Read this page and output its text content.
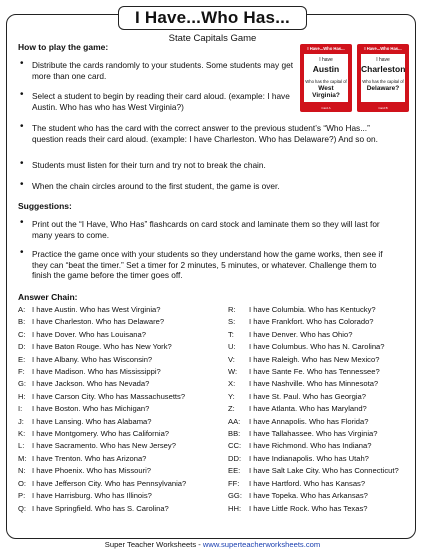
I Have...Who Has...
State Capitals Game
How to play the game:
• Distribute the cards randomly to your students. Some students may get more than one card.
• Select a student to begin by reading their card aloud. (example: I have Austin. Who has who has West Virginia?)
• The student who has the card with the correct answer to the previous student’s “Who Has...” question reads their card aloud. (example: I have Charleston. Who has Delaware?) And so on.
• Students must listen for their turn and try not to break the chain.
• When the chain circles around to the first student, the game is over.
I Have...Who Has...
I have
Austin
Who has the capital of
West Virginia?
Card A
I Have...Who Has...
I have
Charleston
Who has the capital of
Delaware?
Card B
Suggestions:
• Print out the “I Have, Who Has” flashcards on card stock and laminate them so they will last for many years to come.
• Practice the game once with your students so they understand how the game works, then see if they can “beat the timer.” Set a timer for 2 minutes, 5 minutes, or whatever. Challenge them to finish the game before the timer goes off.
Answer Chain:
A: I have Austin. Who has West Virginia?
B: I have Charleston. Who has Delaware?
C: I have Dover. Who has Louisana?
D: I have Baton Rouge. Who has New York?
E: I have Albany. Who has Wisconsin?
F: I have Madison. Who has Mississippi?
G: I have Jackson. Who has Nevada?
H: I have Carson City. Who has Massachusetts?
I: I have Boston. Who has Michigan?
J: I have Lansing. Who has Alabama?
K: I have Montgomery. Who has California?
L: I have Sacramento. Who has New Jersey?
M: I have Trenton. Who has Arizona?
N: I have Phoenix. Who has Missouri?
O: I have Jefferson City. Who has Pennsylvania?
P: I have Harrisburg. Who has Illinois?
Q: I have Springfield. Who has S. Carolina?
R: I have Columbia. Who has Kentucky?
S: I have Frankfort. Who has Colorado?
T: I have Denver. Who has Ohio?
U: I have Columbus. Who has N. Carolina?
V: I have Raleigh. Who has New Mexico?
W: I have Sante Fe. Who has Tennessee?
X: I have Nashville. Who has Minnesota?
Y: I have St. Paul. Who has Georgia?
Z: I have Atlanta. Who has Maryland?
AA: I have Annapolis. Who has Florida?
BB: I have Tallahassee. Who has Virginia?
CC: I have Richmond. Who has Indiana?
DD: I have Indianapolis. Who has Utah?
EE: I have Salt Lake City. Who has Connecticut?
FF: I have Hartford. Who has Kansas?
GG: I have Topeka. Who has Arkansas?
HH: I have Little Rock. Who has Texas?
Super Teacher Worksheets - www.superteacherworksheets.com
